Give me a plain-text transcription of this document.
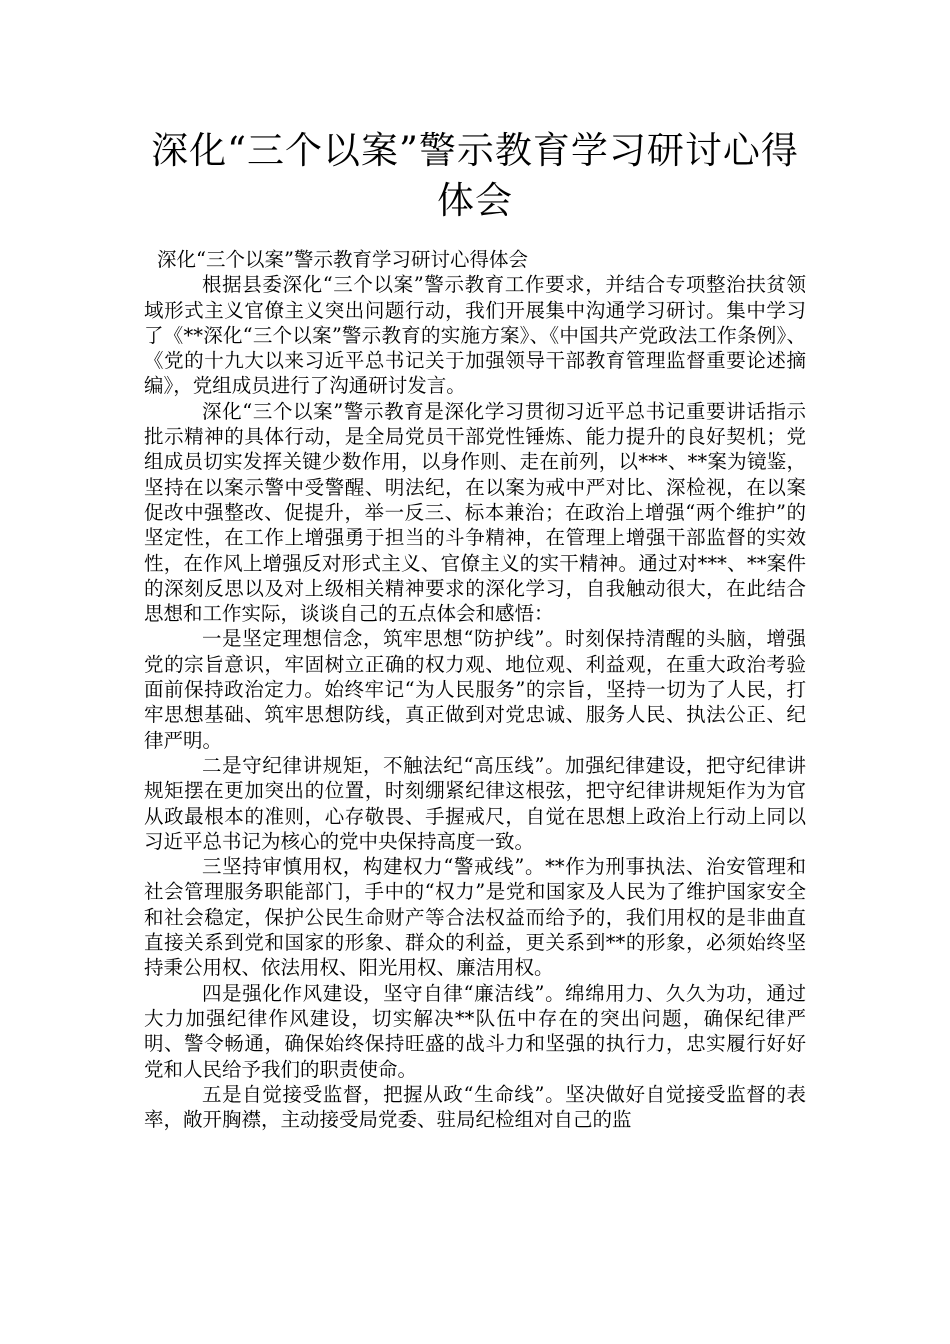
深化“三个以案”警示教育学习研讨心得体会

深化“三个以案”警示教育学习研讨心得体会

根据县委深化“三个以案”警示教育工作要求，并结合专项整治扶贫领域形式主义官僚主义突出问题行动，我们开展集中沟通学习研讨。集中学习了《**深化“三个以案”警示教育的实施方案》、《中国共产党政法工作条例》、《党的十九大以来习近平总书记关于加强领导干部教育管理监督重要论述摘编》，党组成员进行了沟通研讨发言。

深化“三个以案”警示教育是深化学习贯彻习近平总书记重要讲话指示批示精神的具体行动，是全局党员干部党性锤炼、能力提升的良好契机；党组成员切实发挥关键少数作用，以身作则、走在前列，以***、**案为镜鉴，坚持在以案示警中受警醒、明法纪，在以案为戒中严对比、深检视，在以案促改中强整改、促提升，举一反三、标本兼治；在政治上增强“两个维护”的坚定性，在工作上增强勇于担当的斗争精神，在管理上增强干部监督的实效性，在作风上增强反对形式主义、官僚主义的实干精神。通过对***、**案件的深刻反思以及对上级相关精神要求的深化学习，自我触动很大，在此结合思想和工作实际，谈谈自己的五点体会和感悟：

一是坚定理想信念，筑牢思想“防护线”。时刻保持清醒的头脑，增强党的宗旨意识，牢固树立正确的权力观、地位观、利益观，在重大政治考验面前保持政治定力。始终牢记“为人民服务”的宗旨，坚持一切为了人民，打牢思想基础、筑牢思想防线，真正做到对党忠诚、服务人民、执法公正、纪律严明。

二是守纪律讲规矩，不触法纪“高压线”。加强纪律建设，把守纪律讲规矩摆在更加突出的位置，时刻绷紧纪律这根弦，把守纪律讲规矩作为为官从政最根本的准则，心存敬畏、手握戒尺，自觉在思想上政治上行动上同以习近平总书记为核心的党中央保持高度一致。

三坚持审慎用权，构建权力“警戒线”。**作为刑事执法、治安管理和社会管理服务职能部门，手中的“权力”是党和国家及人民为了维护国家安全和社会稳定，保护公民生命财产等合法权益而给予的，我们用权的是非曲直直接关系到党和国家的形象、群众的利益，更关系到**的形象，必须始终坚持秉公用权、依法用权、阳光用权、廉洁用权。

四是强化作风建设，坚守自律“廉洁线”。绵绵用力、久久为功，通过大力加强纪律作风建设，切实解决**队伍中存在的突出问题，确保纪律严明、警令畅通，确保始终保持旺盛的战斗力和坚强的执行力，忠实履行好好党和人民给予我们的职责使命。

五是自觉接受监督，把握从政“生命线”。坚决做好自觉接受监督的表率，敞开胸襟，主动接受局党委、驻局纪检组对自己的监
